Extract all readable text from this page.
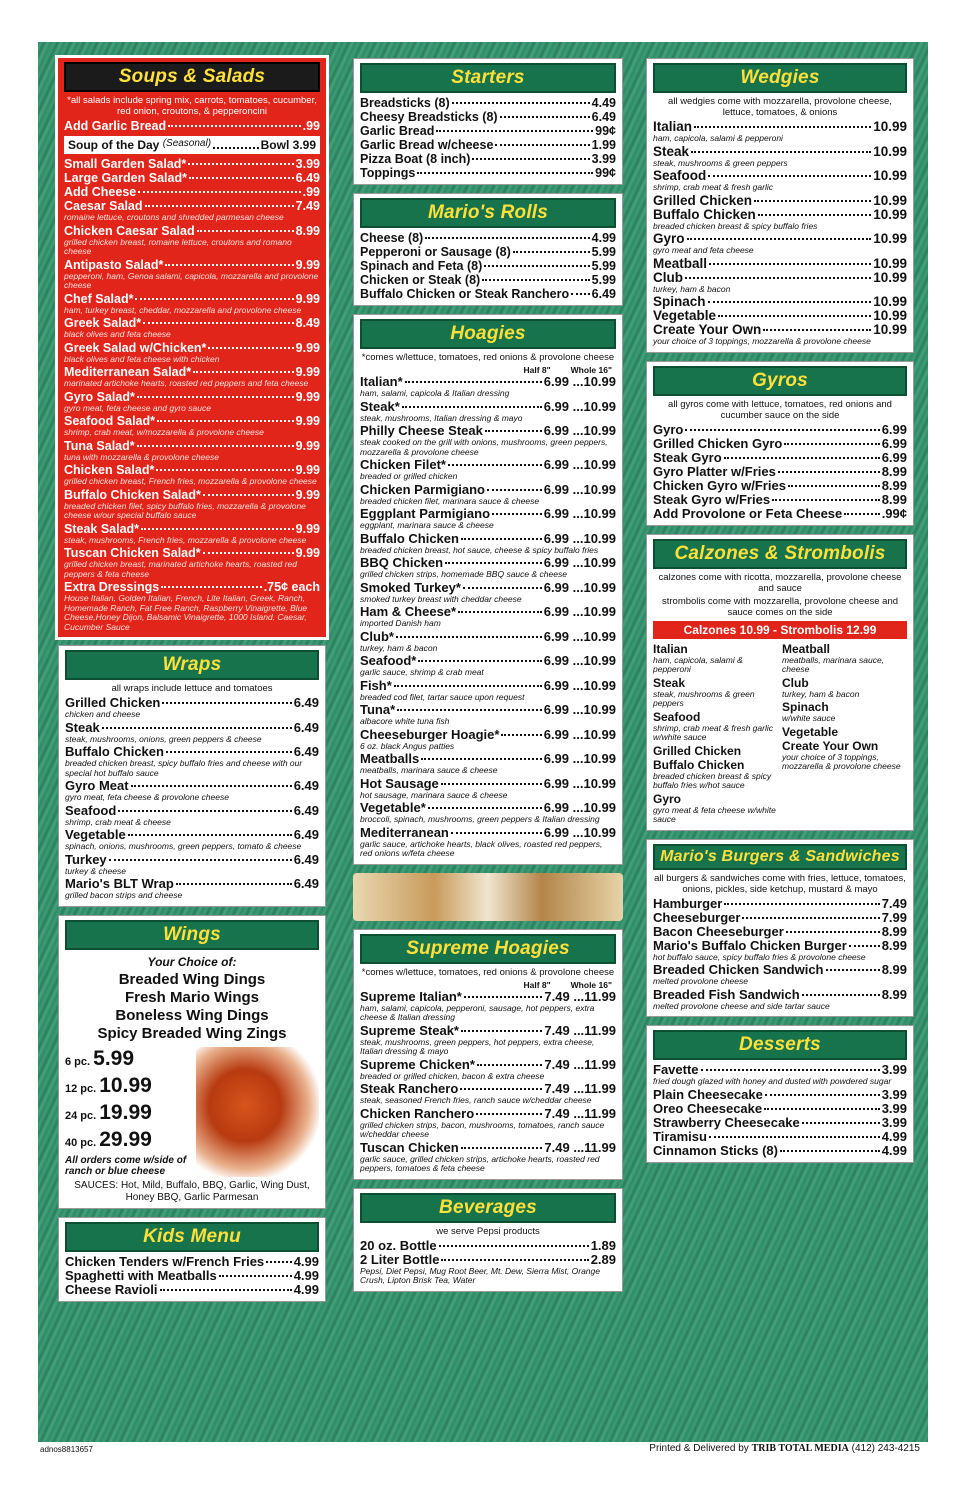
Soups & Salads
*all salads include spring mix, carrots, tomatoes, cucumber, red onion, croutons, & pepperoncini
Add Garlic Bread	.99
Soup of the Day
(Seasonal)	Bowl 3.99
Small Garden Salad*	3.99
Large Garden Salad*	6.49
Add Cheese	.99
Caesar Salad	7.49
romaine lettuce, croutons and shredded parmesan cheese
Chicken Caesar Salad	8.99
grilled chicken breast, romaine lettuce, croutons and romano cheese
Antipasto Salad*	9.99
pepperoni, ham, Genoa salami, capicola, mozzarella and provolone cheese
Chef Salad*	9.99
ham, turkey breast, cheddar, mozzarella and provolone cheese
Greek Salad*	8.49
black olives and feta cheese
Greek Salad w/Chicken*	9.99
black olives and feta cheese with chicken
Mediterranean Salad*	9.99
marinated artichoke hearts, roasted red peppers and feta cheese
Gyro Salad*	9.99
gyro meat, feta cheese and gyro sauce
Seafood Salad*	9.99
shrimp, crab meat, w/mozzarella & provolone cheese
Tuna Salad*	9.99
tuna with mozzarella & provolone cheese
Chicken Salad*	9.99
grilled chicken breast, French fries, mozzarella & provolone cheese
Buffalo Chicken Salad*	9.99
breaded chicken filet, spicy buffalo fries, mozzarella & provolone cheese w/our special buffalo sauce
Steak Salad*	9.99
steak, mushrooms, French fries, mozzarella & provolone cheese
Tuscan Chicken Salad*	9.99
grilled chicken breast, marinated artichoke hearts, roasted red peppers & feta cheese
Extra Dressings	.75¢ each
House Italian, Golden Italian, French, Lite Italian, Greek, Ranch, Homemade Ranch, Fat Free Ranch, Raspberry Vinaigrette, Blue Cheese,Honey Dijon, Balsamic Vinaigrette, 1000 Island, Caesar, Cucumber Sauce
Wraps
all wraps include lettuce and tomatoes
Grilled Chicken	6.49
chicken and cheese
Steak	6.49
steak, mushrooms, onions, green peppers & cheese
Buffalo Chicken	6.49
breaded chicken breast, spicy buffalo fries and cheese with our special hot buffalo sauce
Gyro Meat	6.49
gyro meat, feta cheese & provolone cheese
Seafood	6.49
shrimp, crab meat & cheese
Vegetable	6.49
spinach, onions, mushrooms, green peppers, tomato & cheese
Turkey	6.49
turkey & cheese
Mario's BLT Wrap	6.49
grilled bacon strips and cheese
Wings
Your Choice of:
Breaded Wing Dings
Fresh Mario Wings
Boneless Wing Dings
Spicy Breaded Wing Zings
6 pc. 5.99
12 pc. 10.99
24 pc. 19.99
40 pc. 29.99
All orders come w/side of ranch or blue cheese
SAUCES: Hot, Mild, Buffalo, BBQ, Garlic, Wing Dust, Honey BBQ, Garlic Parmesan
Kids Menu
Chicken Tenders w/French Fries 4.99
Spaghetti with Meatballs	4.99
Cheese Ravioli	4.99
Starters
Breadsticks (8)	4.49
Cheesy Breadsticks (8)	6.49
Garlic Bread	99¢
Garlic Bread w/cheese	1.99
Pizza Boat (8 inch)	3.99
Toppings	99¢
Mario's Rolls
Cheese (8)	4.99
Pepperoni or Sausage (8)	5.99
Spinach and Feta (8)	5.99
Chicken or Steak (8)	5.99
Buffalo Chicken or Steak Ranchero 6.49
Hoagies
*comes w/lettuce, tomatoes, red onions & provolone cheese
Half 8" Whole 16"
Italian*	6.99 ...10.99
ham, salami, capicola & Italian dressing
Steak*	6.99 ...10.99
steak, mushrooms, Italian dressing & mayo
Philly Cheese Steak	6.99 ...10.99
steak cooked on the grill with onions, mushrooms, green peppers, mozzarella & provolone cheese
Chicken Filet*	6.99 ...10.99
breaded or grilled chicken
Chicken Parmigiano	6.99 ...10.99
breaded chicken filet, marinara sauce & cheese
Eggplant Parmigiano	6.99 ...10.99
eggplant, marinara sauce & cheese
Buffalo Chicken	6.99 ...10.99
breaded chicken breast, hot sauce, cheese & spicy buffalo fries
BBQ Chicken	6.99 ...10.99
grilled chicken strips, homemade BBQ sauce & cheese
Smoked Turkey*	6.99 ...10.99
smoked turkey breast with cheddar cheese
Ham & Cheese*	6.99 ...10.99
imported Danish ham
Club*	6.99 ...10.99
turkey, ham & bacon
Seafood*	6.99 ...10.99
garlic sauce, shrimp & crab meat
Fish*	6.99 ...10.99
breaded cod filet, tartar sauce upon request
Tuna*	6.99 ...10.99
albacore white tuna fish
Cheeseburger Hoagie*	6.99 ...10.99
6 oz. black Angus patties
Meatballs	6.99 ...10.99
meatballs, marinara sauce & cheese
Hot Sausage	6.99 ...10.99
hot sausage, marinara sauce & cheese
Vegetable*	6.99 ...10.99
broccoli, spinach, mushrooms, green peppers & Italian dressing
Mediterranean	6.99 ...10.99
garlic sauce, artichoke hearts, black olives, roasted red peppers, red onions w/feta cheese
Supreme Hoagies
*comes w/lettuce, tomatoes, red onions & provolone cheese
Half 8" Whole 16"
Supreme Italian*	7.49 ...11.99
ham, salami, capicola, pepperoni, sausage, hot peppers, extra cheese & Italian dressing
Supreme Steak*	7.49 ...11.99
steak, mushrooms, green peppers, hot peppers, extra cheese, Italian dressing & mayo
Supreme Chicken*	7.49 ...11.99
breaded or grilled chicken, bacon & extra cheese
Steak Ranchero	7.49 ...11.99
steak, seasoned French fries, ranch sauce w/cheddar cheese
Chicken Ranchero	7.49 ...11.99
grilled chicken strips, bacon, mushrooms, tomatoes, ranch sauce w/cheddar cheese
Tuscan Chicken	7.49 ...11.99
garlic sauce, grilled chicken strips, artichoke hearts, roasted red peppers, tomatoes & feta cheese
Beverages
we serve Pepsi products
20 oz. Bottle	1.89
2 Liter Bottle	2.89
Pepsi, Diet Pepsi, Mug Root Beer, Mt. Dew, Sierra Mist, Orange Crush, Lipton Brisk Tea, Water
Wedgies
all wedgies come with mozzarella, provolone cheese, lettuce, tomatoes, & onions
Italian	10.99
ham, capicola, salami & pepperoni
Steak	10.99
steak, mushrooms & green peppers
Seafood	10.99
shrimp, crab meat & fresh garlic
Grilled Chicken	10.99
Buffalo Chicken	10.99
breaded chicken breast & spicy buffalo fries
Gyro	10.99
gyro meat and feta cheese
Meatball	10.99
Club	10.99
turkey, ham & bacon
Spinach	10.99
Vegetable	10.99
Create Your Own	10.99
your choice of 3 toppings, mozzarella & provolone cheese
Gyros
all gyros come with lettuce, tomatoes, red onions and cucumber sauce on the side
Gyro	6.99
Grilled Chicken Gyro	6.99
Steak Gyro	6.99
Gyro Platter w/Fries	8.99
Chicken Gyro w/Fries	8.99
Steak Gyro w/Fries	8.99
Add Provolone or Feta Cheese	.99¢
Calzones & Strombolis
calzones come with ricotta, mozzarella, provolone cheese and sauce
strombolis come with mozzarella, provolone cheese and sauce comes on the side
Calzones 10.99 - Strombolis 12.99
Italian
ham, capicola, salami & pepperoni
Steak
steak, mushrooms & green peppers
Seafood
shrimp, crab meat & fresh garlic w/white sauce
Grilled Chicken
Buffalo Chicken
breaded chicken breast & spicy buffalo fries w/hot sauce
Gyro
gyro meat & feta cheese w/white sauce
Meatball
meatballs, marinara sauce, cheese
Club
turkey, ham & bacon
Spinach
w/white sauce
Vegetable
Create Your Own
your choice of 3 toppings, mozzarella & provolone cheese
Mario's Burgers & Sandwiches
all burgers & sandwiches come with fries, lettuce, tomatoes, onions, pickles, side ketchup, mustard & mayo
Hamburger	7.49
Cheeseburger	7.99
Bacon Cheeseburger	8.99
Mario's Buffalo Chicken Burger	8.99
hot buffalo sauce, spicy buffalo fries & provolone cheese
Breaded Chicken Sandwich	8.99
melted provolone cheese
Breaded Fish Sandwich	8.99
melted provolone cheese and side tartar sauce
Desserts
Favette	3.99
fried dough glazed with honey and dusted with powdered sugar
Plain Cheesecake	3.99
Oreo Cheesecake	3.99
Strawberry Cheesecake	3.99
Tiramisu	4.99
Cinnamon Sticks (8)	4.99
adnos8813657	Printed & Delivered by TRIB TOTAL MEDIA (412) 243-4215
